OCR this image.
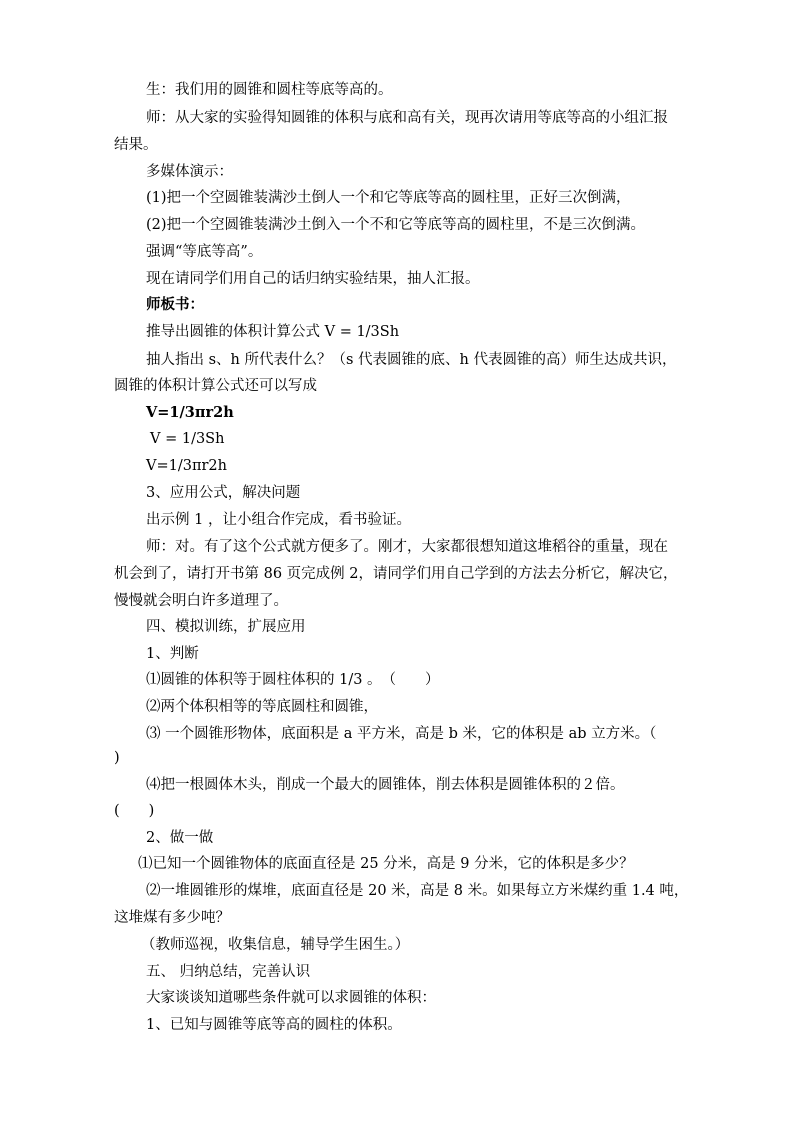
生：我们用的圆锥和圆柱等底等高的。
师：从大家的实验得知圆锥的体积与底和高有关，现再次请用等底等高的小组汇报
结果。
多媒体演示：
(1)把一个空圆锥装满沙土倒人一个和它等底等高的圆柱里，正好三次倒满，
(2)把一个空圆锥装满沙土倒入一个不和它等底等高的圆柱里，不是三次倒满。
强调“等底等高”。
现在请同学们用自己的话归纳实验结果，抽人汇报。
师板书：
推导出圆锥的体积计算公式 V = 1/3Sh
抽人指出 s、h 所代表什么？（s 代表圆锥的底、h 代表圆锥的高）师生达成共识，
圆锥的体积计算公式还可以写成
V=1/3πr2h
V = 1/3Sh
V=1/3πr2h
3、应用公式，解决问题
出示例 1 ，让小组合作完成，看书验证。
师：对。有了这个公式就方便多了。刚才，大家都很想知道这堆稻谷的重量，现在
机会到了，请打开书第 86 页完成例 2，请同学们用自己学到的方法去分析它，解决它，
慢慢就会明白许多道理了。
四、模拟训练，扩展应用
1、判断
⑴圆锥的体积等于圆柱体积的 1/3 。　（　　）
⑵两个体积相等的等底圆柱和圆锥，
⑶ 一个圆锥形物体，底面积是 a 平方米，高是 b 米，它的体积是 ab 立方米。（
)
⑷把一根圆体木头，削成一个最大的圆锥体，削去体积是圆锥体积的２倍。
(　　)
2、做一做
⑴已知一个圆锥物体的底面直径是 25 分米，高是 9 分米，它的体积是多少？
⑵一堆圆锥形的煤堆，底面直径是 20 米，高是 8 米。如果每立方米煤约重 1.4 吨，
这堆煤有多少吨？
（教师巡视，收集信息，辅导学生困生。）
五、 归纳总结，完善认识
大家谈谈知道哪些条件就可以求圆锥的体积：
1、已知与圆锥等底等高的圆柱的体积。
